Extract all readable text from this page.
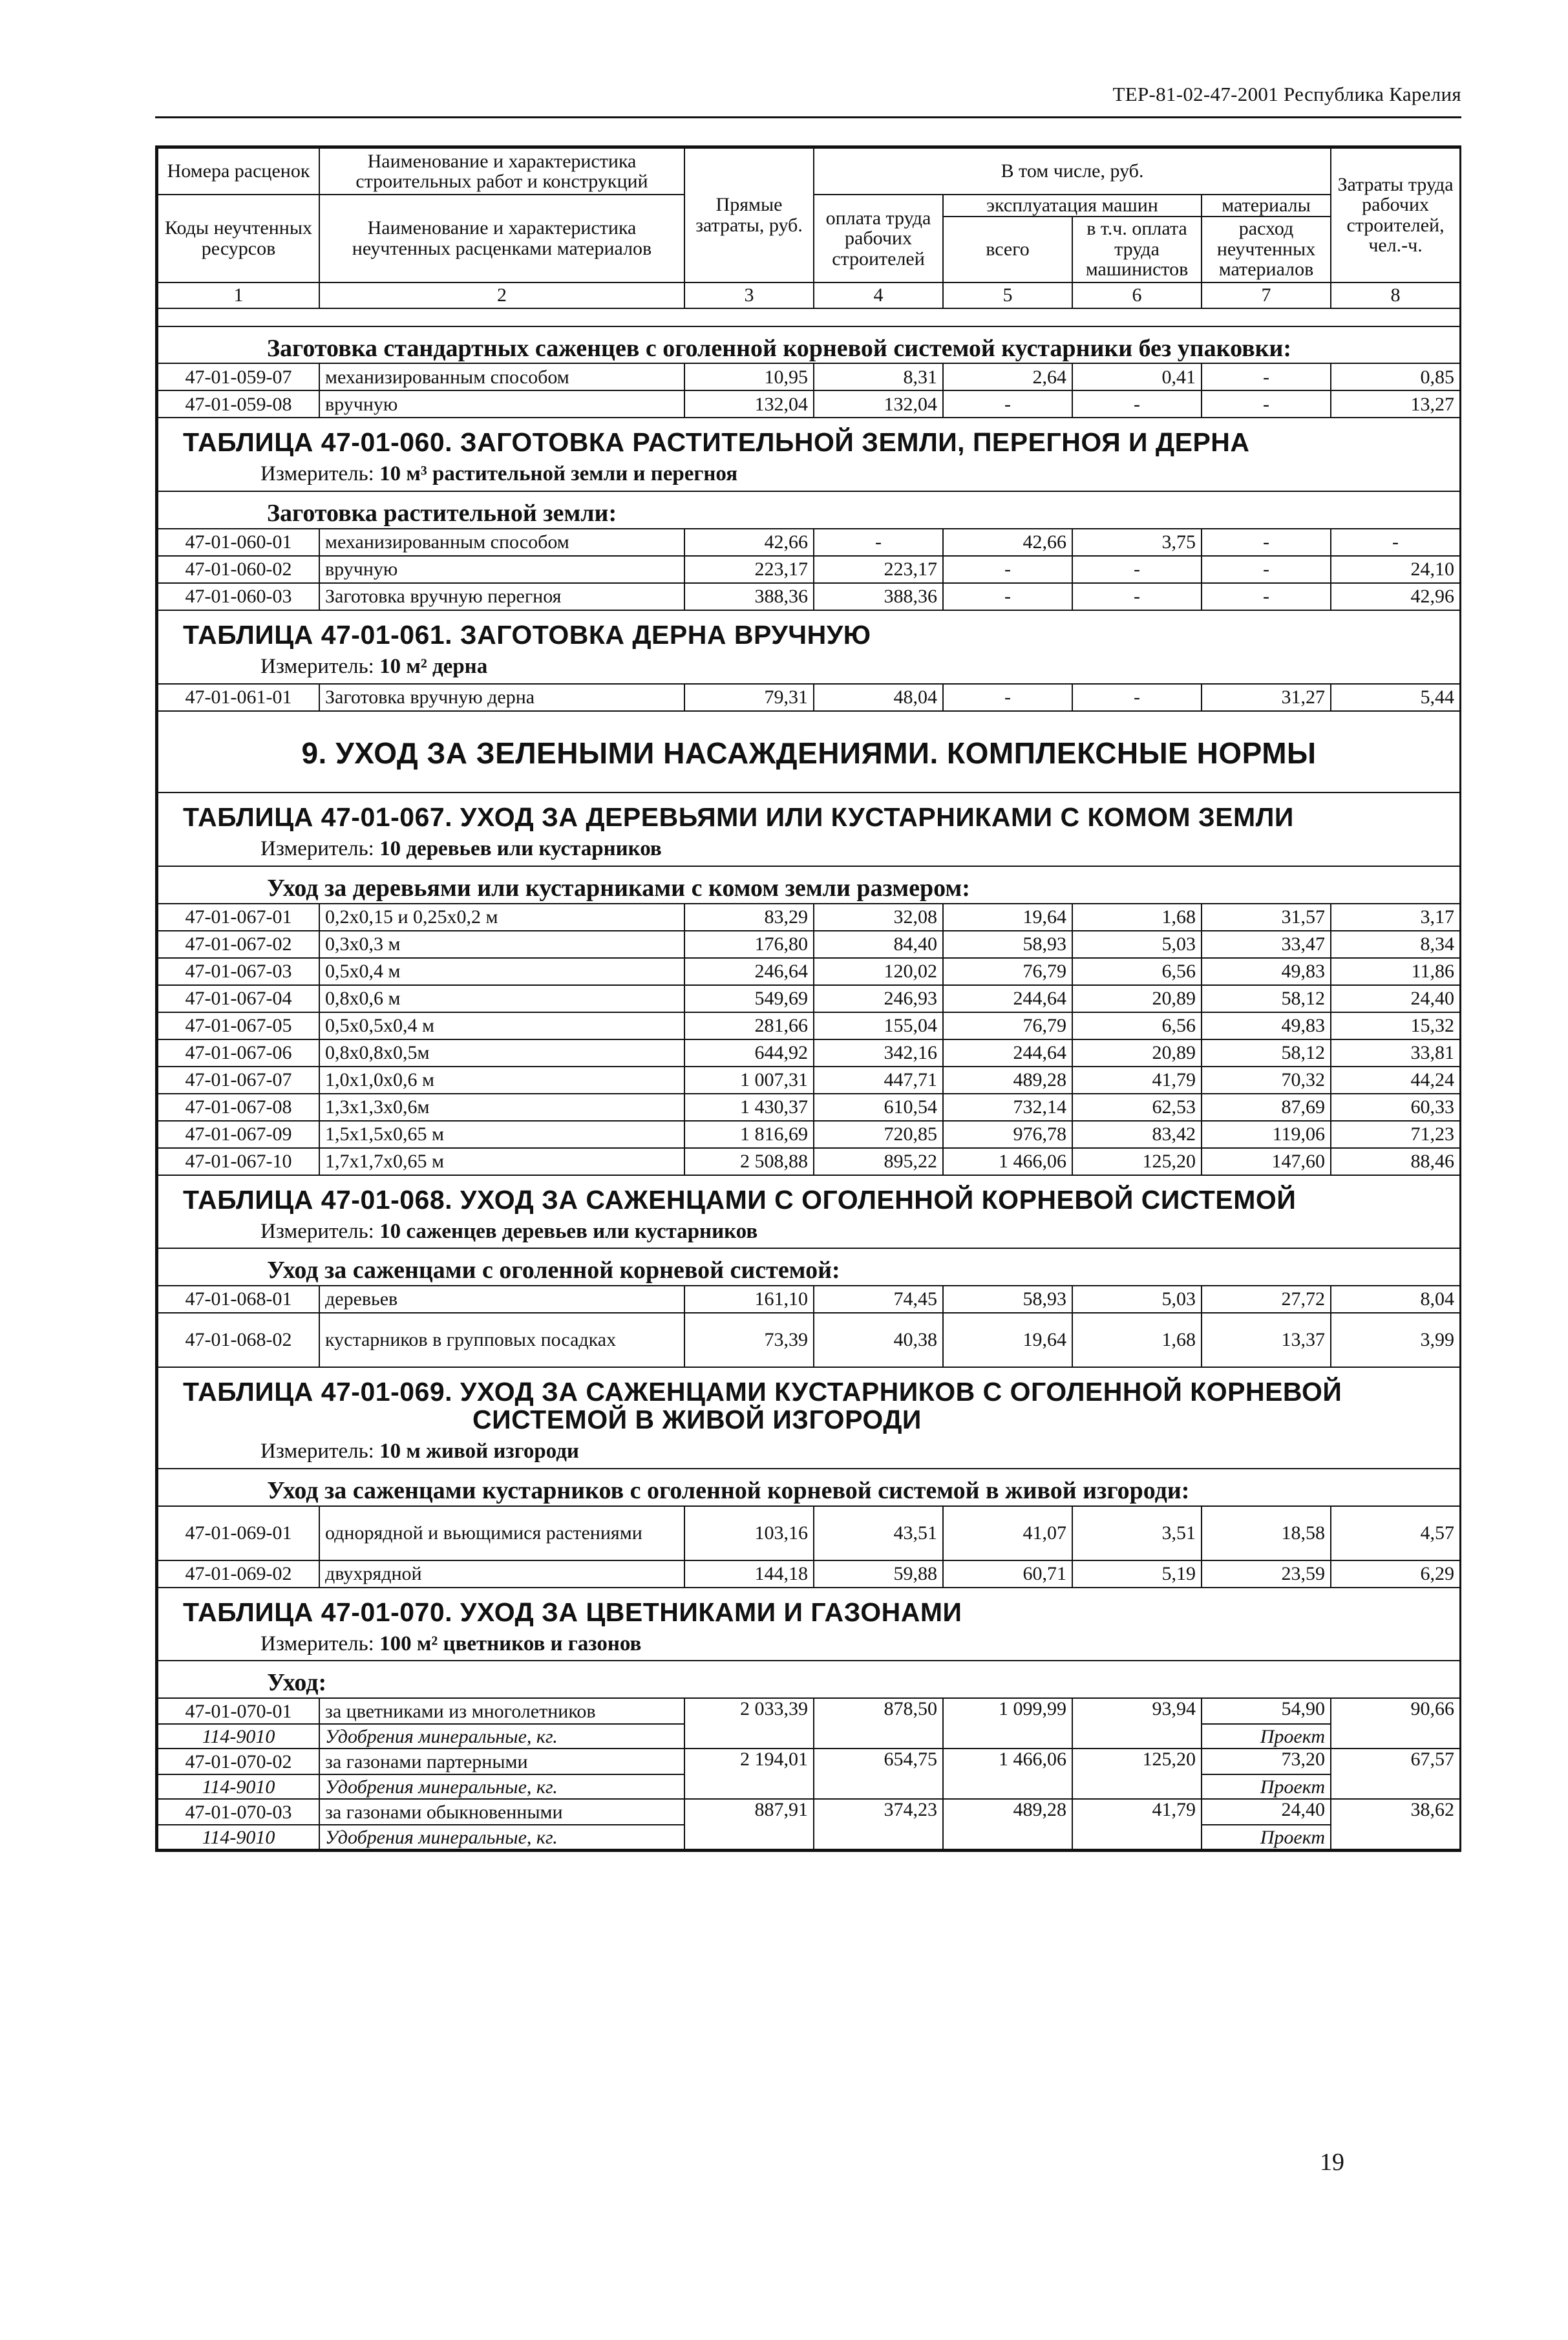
ТЕР-81-02-47-2001 Республика Карелия
Номера расценок	Наименование и характеристика строительных работ и конструкций	Прямые затраты, руб.	В том числе, руб.				Затраты труда рабочих строителей, чел.-ч.
Коды неучтенных ресурсов	Наименование и характеристика неучтенных расценками материалов		оплата труда рабочих строителей	эксплуатация машин		материалы	
				всего	в т.ч. оплата труда машинистов	расход неучтенных материалов	
1	2	3	4	5	6	7	8

Заготовка стандартных саженцев с оголенной корневой системой кустарники без упаковки:							

47-01-059-07	механизированным способом	10,95	8,31	2,64	0,41	-	0,85
47-01-059-08	вручную	132,04	132,04	-	-	-	13,27

ТАБЛИЦА 47-01-060. ЗАГОТОВКА РАСТИТЕЛЬНОЙ ЗЕМЛИ, ПЕРЕГНОЯ И ДЕРНА
Измеритель: 10 м³ растительной земли и перегноя							

Заготовка растительной земли:							

47-01-060-01	механизированным способом	42,66	-	42,66	3,75	-	-
47-01-060-02	вручную	223,17	223,17	-	-	-	24,10
47-01-060-03	Заготовка вручную перегноя	388,36	388,36	-	-	-	42,96

ТАБЛИЦА 47-01-061. ЗАГОТОВКА ДЕРНА ВРУЧНУЮ
Измеритель: 10 м² дерна							

47-01-061-01	Заготовка вручную дерна	79,31	48,04	-	-	31,27	5,44

9. УХОД ЗА ЗЕЛЕНЫМИ НАСАЖДЕНИЯМИ. КОМПЛЕКСНЫЕ НОРМЫ							

ТАБЛИЦА 47-01-067. УХОД ЗА ДЕРЕВЬЯМИ ИЛИ КУСТАРНИКАМИ С КОМОМ ЗЕМЛИ
Измеритель: 10 деревьев или кустарников							

Уход за деревьями или кустарниками с комом земли размером:							

47-01-067-01	0,2х0,15 и 0,25х0,2 м	83,29	32,08	19,64	1,68	31,57	3,17
47-01-067-02	0,3х0,3 м	176,80	84,40	58,93	5,03	33,47	8,34
47-01-067-03	0,5х0,4 м	246,64	120,02	76,79	6,56	49,83	11,86
47-01-067-04	0,8х0,6 м	549,69	246,93	244,64	20,89	58,12	24,40
47-01-067-05	0,5х0,5х0,4 м	281,66	155,04	76,79	6,56	49,83	15,32
47-01-067-06	0,8х0,8х0,5м	644,92	342,16	244,64	20,89	58,12	33,81
47-01-067-07	1,0х1,0х0,6 м	1 007,31	447,71	489,28	41,79	70,32	44,24
47-01-067-08	1,3х1,3х0,6м	1 430,37	610,54	732,14	62,53	87,69	60,33
47-01-067-09	1,5х1,5х0,65 м	1 816,69	720,85	976,78	83,42	119,06	71,23
47-01-067-10	1,7х1,7х0,65 м	2 508,88	895,22	1 466,06	125,20	147,60	88,46

ТАБЛИЦА 47-01-068. УХОД ЗА САЖЕНЦАМИ С ОГОЛЕННОЙ КОРНЕВОЙ СИСТЕМОЙ
Измеритель: 10 саженцев деревьев или кустарников							

Уход за саженцами с оголенной корневой системой:							

47-01-068-01	деревьев	161,10	74,45	58,93	5,03	27,72	8,04
47-01-068-02	кустарников в групповых посадках	73,39	40,38	19,64	1,68	13,37	3,99

ТАБЛИЦА 47-01-069. УХОД ЗА САЖЕНЦАМИ КУСТАРНИКОВ С ОГОЛЕННОЙ КОРНЕВОЙ
СИСТЕМОЙ В ЖИВОЙ ИЗГОРОДИ
Измеритель: 10 м живой изгороди							

Уход за саженцами кустарников с оголенной корневой системой в живой изгороди:							

47-01-069-01	однорядной и вьющимися растениями	103,16	43,51	41,07	3,51	18,58	4,57
47-01-069-02	двухрядной	144,18	59,88	60,71	5,19	23,59	6,29

ТАБЛИЦА 47-01-070. УХОД ЗА ЦВЕТНИКАМИ И ГАЗОНАМИ
Измеритель: 100 м² цветников и газонов							

Уход:							

47-01-070-01	за цветниками из многолетников	2 033,39	878,50	1 099,99	93,94	54,90	90,66
114-9010	Удобрения минеральные, кг.					Проект	
47-01-070-02	за газонами партерными	2 194,01	654,75	1 466,06	125,20	73,20	67,57
114-9010	Удобрения минеральные, кг.					Проект	
47-01-070-03	за газонами обыкновенными	887,91	374,23	489,28	41,79	24,40	38,62
114-9010	Удобрения минеральные, кг.					Проект	
19
